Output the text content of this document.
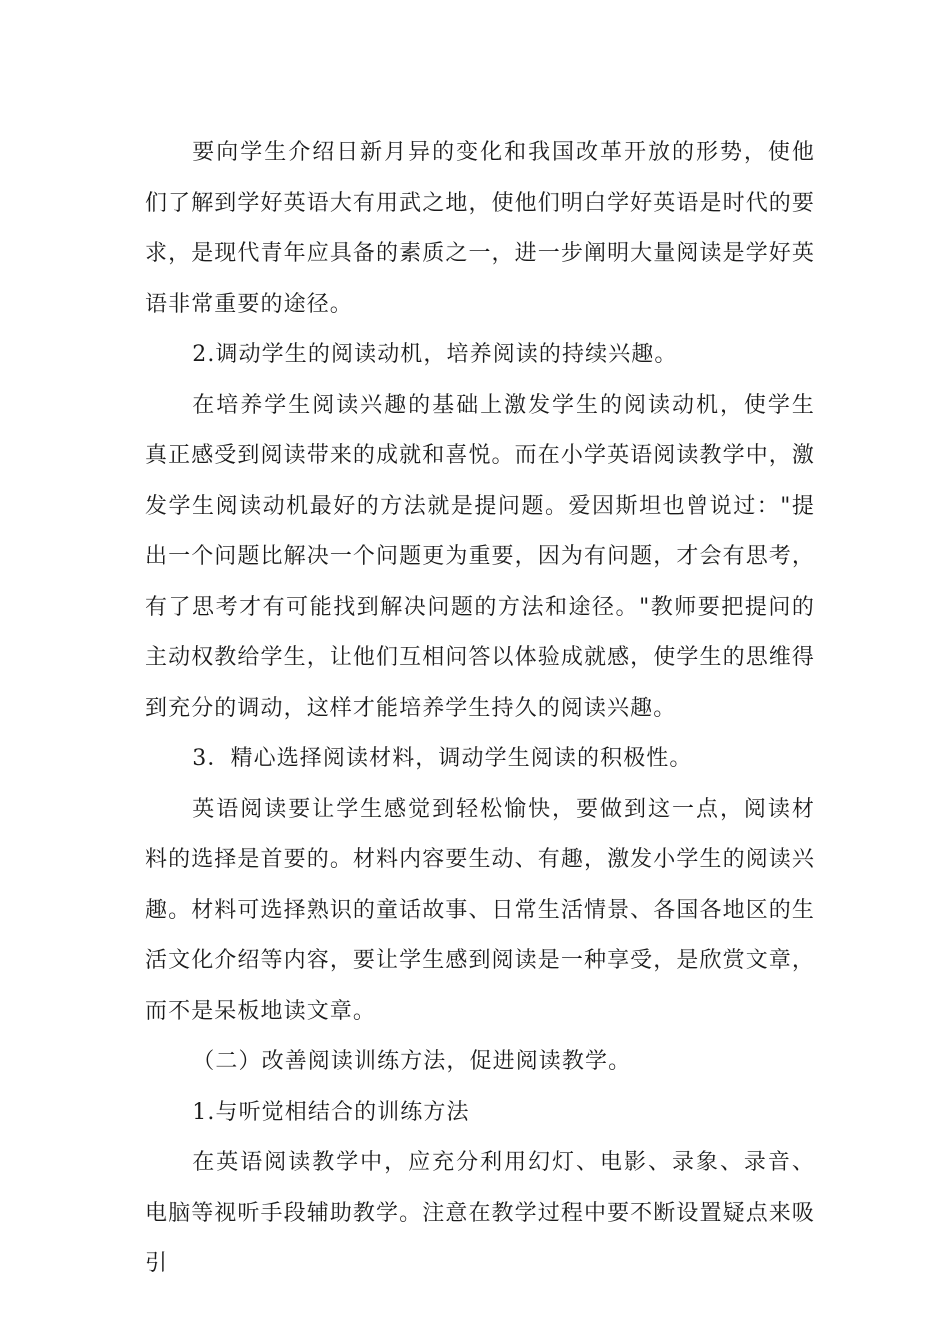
要向学生介绍日新月异的变化和我国改革开放的形势，使他们了解到学好英语大有用武之地，使他们明白学好英语是时代的要求，是现代青年应具备的素质之一，进一步阐明大量阅读是学好英语非常重要的途径。

2.调动学生的阅读动机，培养阅读的持续兴趣。

在培养学生阅读兴趣的基础上激发学生的阅读动机，使学生真正感受到阅读带来的成就和喜悦。而在小学英语阅读教学中，激发学生阅读动机最好的方法就是提问题。爱因斯坦也曾说过："提出一个问题比解决一个问题更为重要，因为有问题，才会有思考，有了思考才有可能找到解决问题的方法和途径。"教师要把提问的主动权教给学生，让他们互相问答以体验成就感，使学生的思维得到充分的调动，这样才能培养学生持久的阅读兴趣。

3．精心选择阅读材料，调动学生阅读的积极性。

英语阅读要让学生感觉到轻松愉快，要做到这一点，阅读材料的选择是首要的。材料内容要生动、有趣，激发小学生的阅读兴趣。材料可选择熟识的童话故事、日常生活情景、各国各地区的生活文化介绍等内容，要让学生感到阅读是一种享受，是欣赏文章，而不是呆板地读文章。

（二）改善阅读训练方法，促进阅读教学。

1.与听觉相结合的训练方法

在英语阅读教学中，应充分利用幻灯、电影、录象、录音、电脑等视听手段辅助教学。注意在教学过程中要不断设置疑点来吸引
